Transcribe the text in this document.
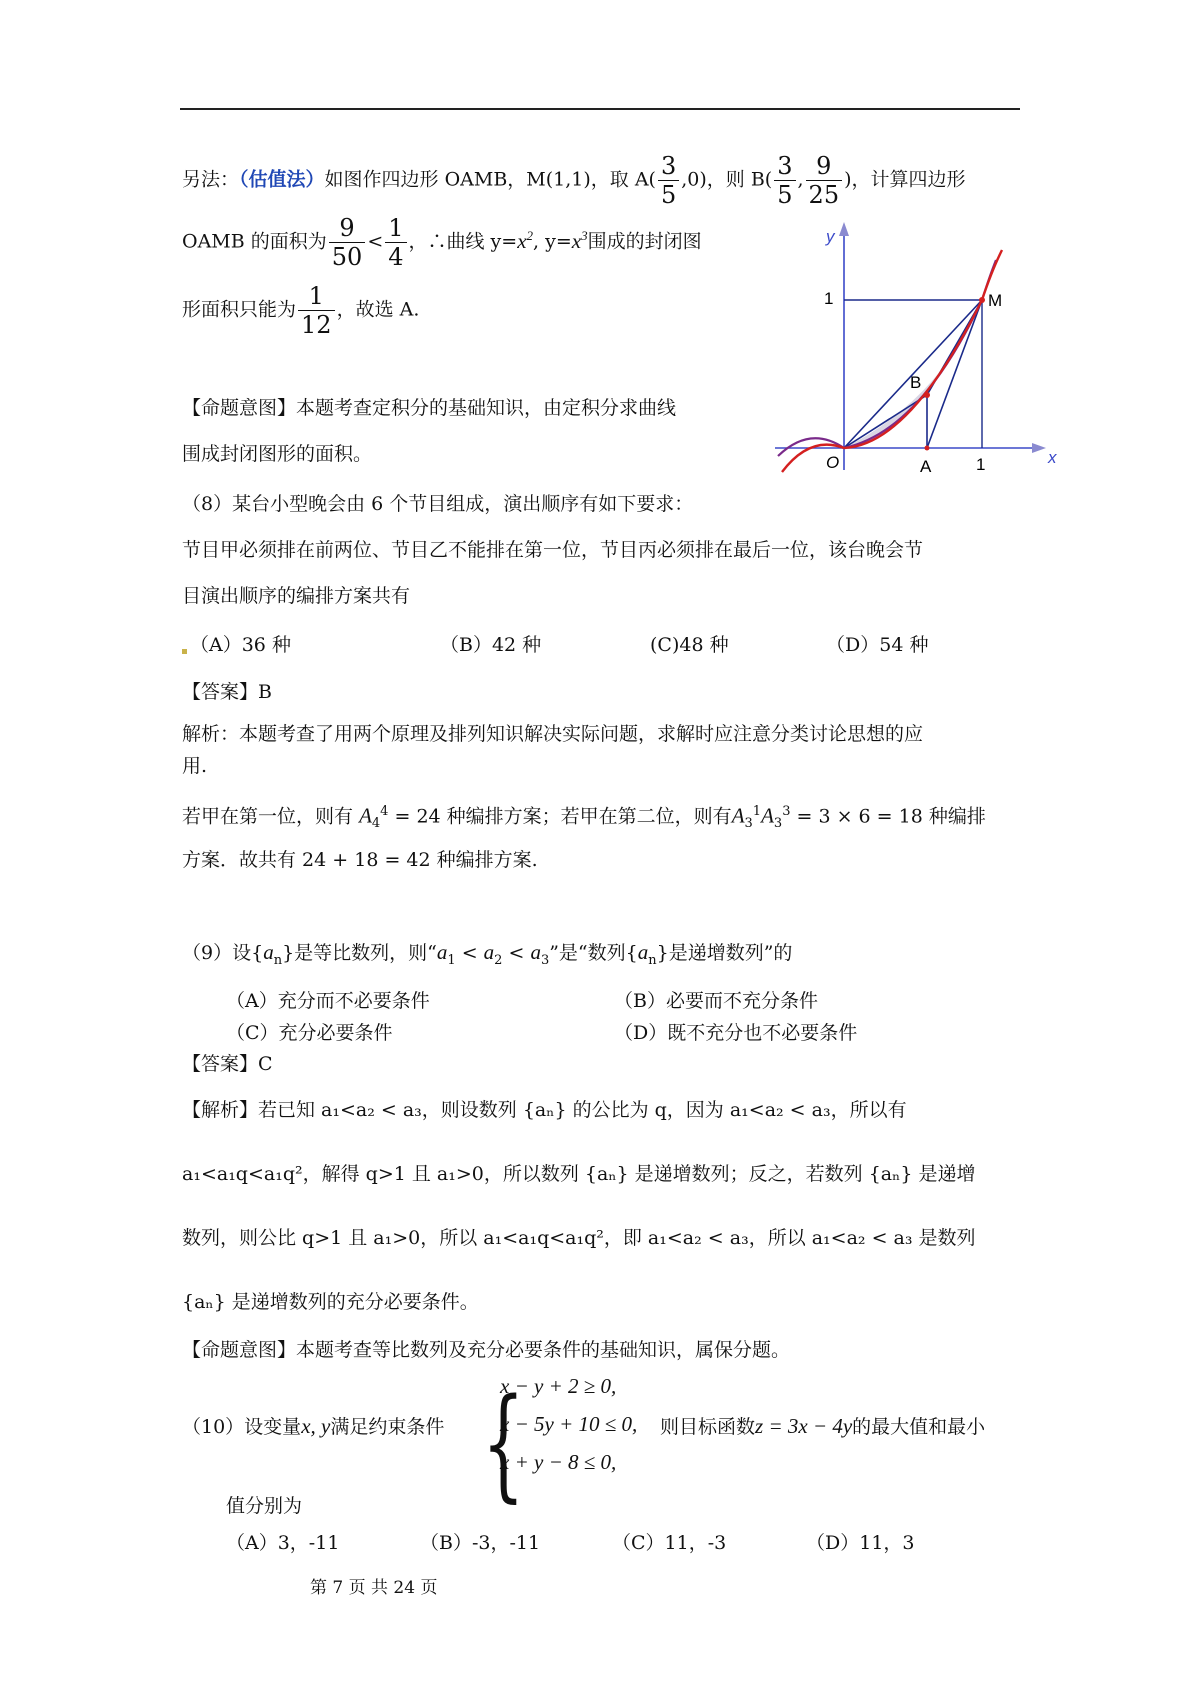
另法：（估值法）如图作四边形 OAMB，M(1,1)，取 $A( \frac{3}{5} ,0)$，则 $B( \frac{3}{5}$ , $\frac{9}{25}$ )，计算四边形
OAMB 的面积为 $\frac{9}{50} < \frac{1}{4}$ ，∴曲线 $y=x^2$, $y=x^3$围成的封闭图
形面积只能为 $\frac{1}{12}$ ，故选 A.
【命题意图】本题考查定积分的基础知识，由定积分求曲线
围成封闭图形的面积。
y
x
1	M
B
O	A	1
（8）某台小型晚会由 6 个节目组成，演出顺序有如下要求：
节目甲必须排在前两位、节目乙不能排在第一位，节目丙必须排在最后一位，该台晚会节
目演出顺序的编排方案共有
（A）36 种	（B）42 种	(C)48 种	（D）54 种
【答案】B
解析：本题考查了用两个原理及排列知识解决实际问题，求解时应注意分类讨论思想的应
用.
若甲在第一位，则有 $A_4^4 = 24$ 种编排方案；若甲在第二位，则有$A_3^1A_3^3 = 3 \times 6 = 18$ 种编排
方案．故共有 24 + 18 = 42 种编排方案.
（9）设$\{a_n\}$是等比数列，则“$a_1 < a_2 < a_3$”是“数列$\{a_n\}$是递增数列”的
（A）充分而不必要条件	（B）必要而不充分条件
（C）充分必要条件	（D）既不充分也不必要条件
【答案】C
【解析】若已知 a₁<a₂ < a₃，则设数列 {aₙ} 的公比为 q，因为 a₁<a₂ < a₃，所以有
a₁<a₁q<a₁q²，解得 q>1 且 a₁>0，所以数列 {aₙ} 是递增数列；反之，若数列 {aₙ} 是递增
数列，则公比 q>1 且 a₁>0，所以 a₁<a₁q<a₁q²，即 a₁<a₂ < a₃，所以 a₁<a₂ < a₃ 是数列
{aₙ} 是递增数列的充分必要条件。
【命题意图】本题考查等比数列及充分必要条件的基础知识，属保分题。
（10）设变量x, y满足约束条件 {
x − y + 2 ≥ 0,
x − 5y + 10 ≤ 0,
x + y − 8 ≤ 0,
则目标函数z = 3x − 4y的最大值和最小
值分别为
（A）3，-11	（B）-3，-11	（C）11，-3	（D）11，3
第 7 页 共 24 页
